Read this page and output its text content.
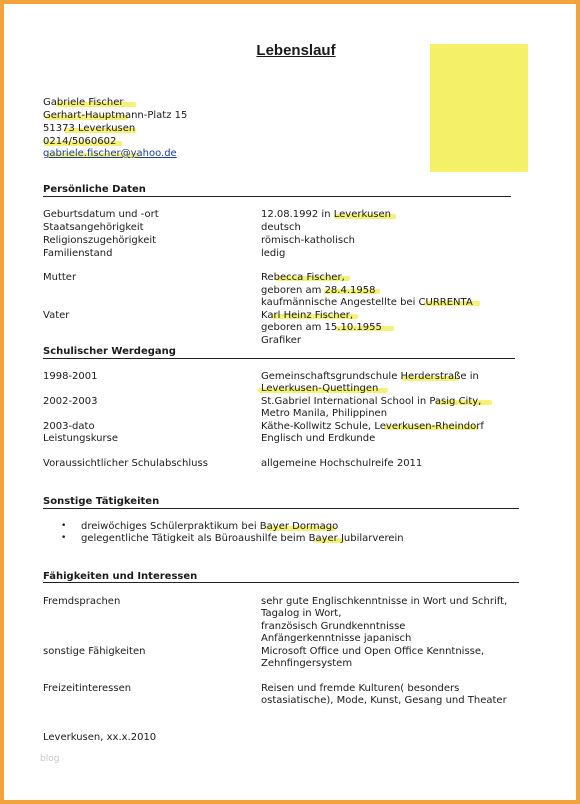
Lebenslauf
Gabriele Fischer
Gerhart-Hauptmann-Platz 15
51373 Leverkusen
0214/5060602
gabriele.fischer@yahoo.de
Persönliche Daten
Geburtsdatum und -ort	12.08.1992 in Leverkusen
Staatsangehörigkeit	deutsch
Religionszugehörigkeit	römisch-katholisch
Familienstand	ledig
Mutter	Rebecca Fischer,
geboren am 28.4.1958
kaufmännische Angestellte bei CURRENTA
Vater	Karl Heinz Fischer,
geboren am 15.10.1955
Grafiker
Schulischer Werdegang
1998-2001	Gemeinschaftsgrundschule Herderstraße in
Leverkusen-Quettingen
2002-2003	St.Gabriel International School in Pasig City,
Metro Manila, Philippinen
2003-dato	Käthe-Kollwitz Schule, Leverkusen-Rheindorf
Leistungskurse	Englisch und Erdkunde
Voraussichtlicher Schulabschluss	allgemeine Hochschulreife 2011
Sonstige Tätigkeiten
• dreiwöchiges Schülerpraktikum bei Bayer Dormago
• gelegentliche Tätigkeit als Büroaushilfe beim Bayer Jubilarverein
Fähigkeiten und Interessen
Fremdsprachen	sehr gute Englischkenntnisse in Wort und Schrift,
Tagalog in Wort,
französisch Grundkenntnisse
Anfängerkenntnisse japanisch
sonstige Fähigkeiten	Microsoft Office und Open Office Kenntnisse,
Zehnfingersystem
Freizeitinteressen	Reisen und fremde Kulturen( besonders
ostasiatische), Mode, Kunst, Gesang und Theater
Leverkusen, xx.x.2010
blog
